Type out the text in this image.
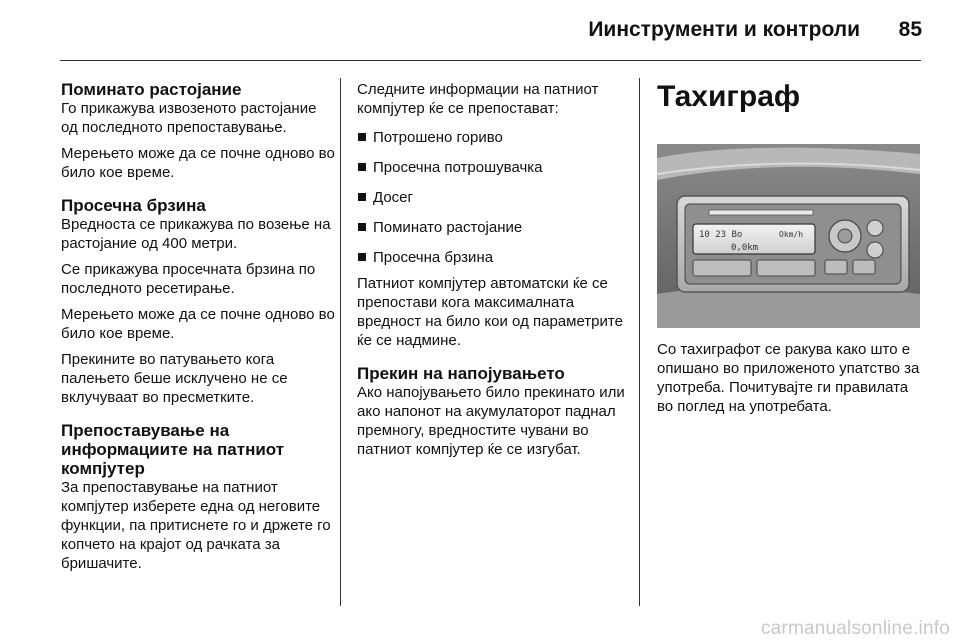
Иинструменти и контроли 85
Поминато растојание

Го прикажува извозеното растојание од последното препоставување.

Мерењето може да се почне одново во било кое време.

Просечна брзина

Вредноста се прикажува по возење на растојание од 400 метри.

Се прикажува просечната брзина по последното ресетирање.

Мерењето може да се почне одново во било кое време.

Прекините во патувањето кога палењето беше исклучено не се вклучуваат во пресметките.

Препоставување на информациите на патниот компјутер

За препоставување на патниот компјутер изберете една од неговите функции, па притиснете го и држете го копчето на крајот од рачката за бришачите.

Следните информации на патниот компјутер ќе се препостават:

Потрошено гориво
Просечна потрошувачка
Досег
Поминато растојание
Просечна брзина

Патниот компјутер автоматски ќе се препостави кога максималната вредност на било кои од параметрите ќе се надмине.

Прекин на напојувањето

Ако напојувањето било прекинато или ако напонот на акумулаторот паднал премногу, вредностите чувани во патниот компјутер ќе се изгубат.

Тахиграф
10 23 Bo
0,0km
Okm/h

Со тахиграфот се ракува како што е опишано во приложеното упатство за употреба. Почитувајте ги правилата во поглед на употребата.

carmanualsonline.info
